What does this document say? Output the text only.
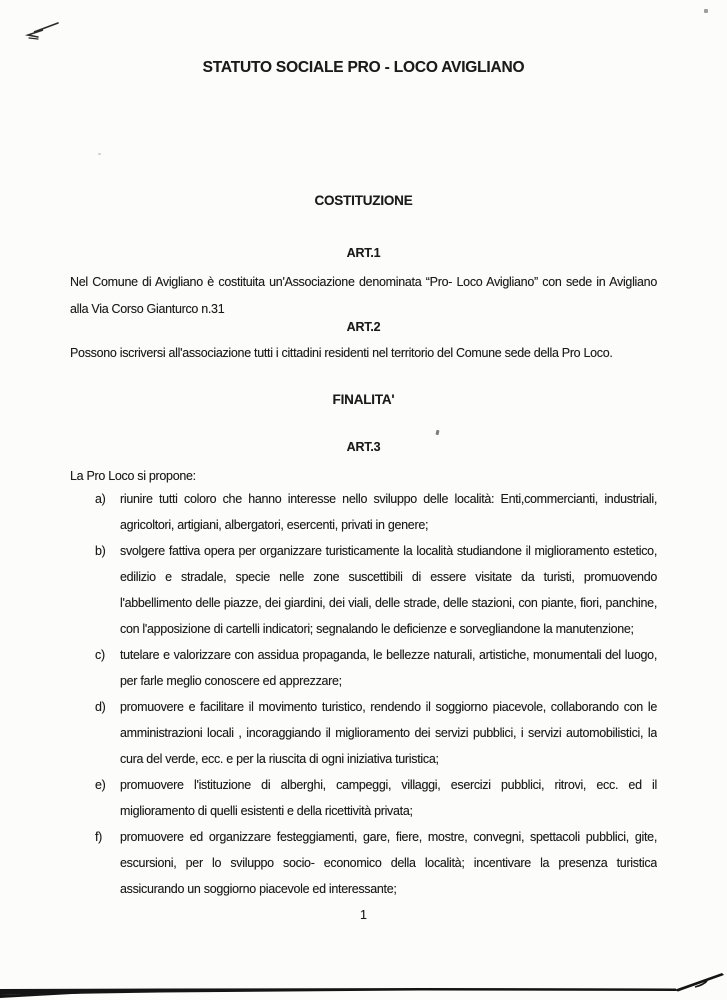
STATUTO SOCIALE PRO - LOCO AVIGLIANO
COSTITUZIONE
ART.1
Nel Comune di Avigliano è costituita un'Associazione denominata “Pro- Loco Avigliano” con sede in Avigliano
alla Via Corso Gianturco n.31
ART.2
Possono iscriversi all'associazione tutti i cittadini residenti nel territorio del Comune sede della Pro Loco.
FINALITA'
ART.3
La Pro Loco si propone:
a) riunire tutti coloro che hanno interesse nello sviluppo delle località: Enti,commercianti, industriali,
agricoltori, artigiani, albergatori, esercenti, privati in genere;
b) svolgere fattiva opera per organizzare turisticamente la località studiandone il miglioramento estetico,
edilizio e stradale, specie nelle zone suscettibili di essere visitate da turisti, promuovendo
l'abbellimento delle piazze, dei giardini, dei viali, delle strade, delle stazioni, con piante, fiori, panchine,
con l'apposizione di cartelli indicatori; segnalando le deficienze e sorvegliandone la manutenzione;
c) tutelare e valorizzare con assidua propaganda, le bellezze naturali, artistiche, monumentali del luogo,
per farle meglio conoscere ed apprezzare;
d) promuovere e facilitare il movimento turistico, rendendo il soggiorno piacevole, collaborando con le
amministrazioni locali , incoraggiando il miglioramento dei servizi pubblici, i servizi automobilistici, la
cura del verde, ecc. e per la riuscita di ogni iniziativa turistica;
e) promuovere l'istituzione di alberghi, campeggi, villaggi, esercizi pubblici, ritrovi, ecc. ed il
miglioramento di quelli esistenti e della ricettività privata;
f) promuovere ed organizzare festeggiamenti, gare, fiere, mostre, convegni, spettacoli pubblici, gite,
escursioni, per lo sviluppo socio- economico della località; incentivare la presenza turistica
assicurando un soggiorno piacevole ed interessante;
1
